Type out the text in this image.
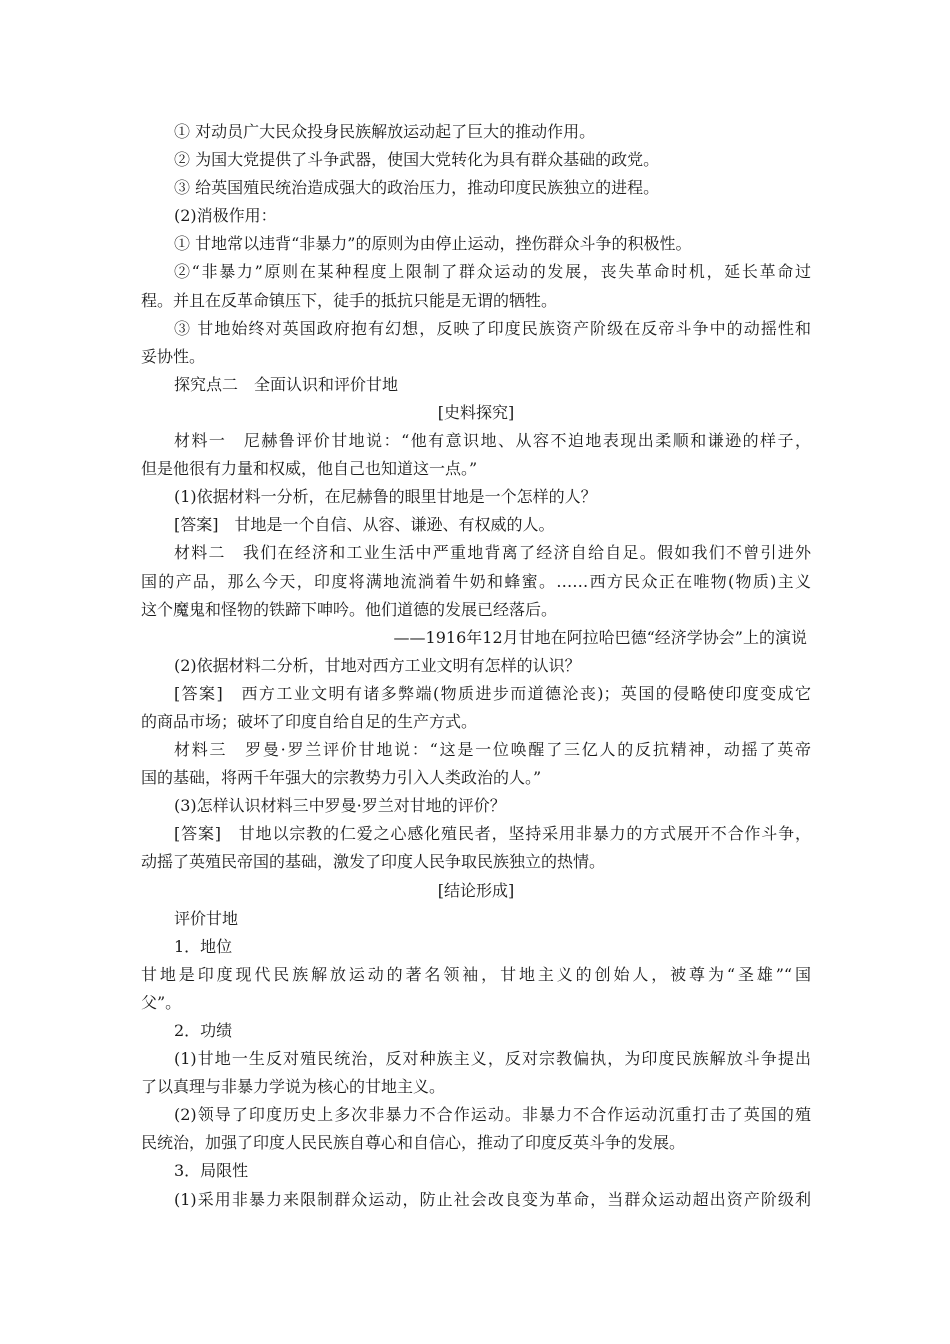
① 对动员广大民众投身民族解放运动起了巨大的推动作用。
② 为国大党提供了斗争武器，使国大党转化为具有群众基础的政党。
③ 给英国殖民统治造成强大的政治压力，推动印度民族独立的进程。
(2)消极作用：
① 甘地常以违背“非暴力”的原则为由停止运动，挫伤群众斗争的积极性。
②“非暴力”原则在某种程度上限制了群众运动的发展，丧失革命时机，延长革命过
程。并且在反革命镇压下，徒手的抵抗只能是无谓的牺牲。
③ 甘地始终对英国政府抱有幻想，反映了印度民族资产阶级在反帝斗争中的动摇性和
妥协性。
探究点二　全面认识和评价甘地
[史料探究]
材料一　尼赫鲁评价甘地说：“他有意识地、从容不迫地表现出柔顺和谦逊的样子，
但是他很有力量和权威，他自己也知道这一点。”
(1)依据材料一分析，在尼赫鲁的眼里甘地是一个怎样的人？
[答案]　甘地是一个自信、从容、谦逊、有权威的人。
材料二　我们在经济和工业生活中严重地背离了经济自给自足。假如我们不曾引进外
国的产品，那么今天，印度将满地流淌着牛奶和蜂蜜。……西方民众正在唯物(物质)主义
这个魔鬼和怪物的铁蹄下呻吟。他们道德的发展已经落后。
——1916年12月甘地在阿拉哈巴德“经济学协会”上的演说
(2)依据材料二分析，甘地对西方工业文明有怎样的认识？
[答案]　西方工业文明有诸多弊端(物质进步而道德沦丧)；英国的侵略使印度变成它
的商品市场；破坏了印度自给自足的生产方式。
材料三　罗曼·罗兰评价甘地说：“这是一位唤醒了三亿人的反抗精神，动摇了英帝
国的基础，将两千年强大的宗教势力引入人类政治的人。”
(3)怎样认识材料三中罗曼·罗兰对甘地的评价？
[答案]　甘地以宗教的仁爱之心感化殖民者，坚持采用非暴力的方式展开不合作斗争，
动摇了英殖民帝国的基础，激发了印度人民争取民族独立的热情。
[结论形成]
评价甘地
1．地位
甘地是印度现代民族解放运动的著名领袖，甘地主义的创始人，被尊为“圣雄”“国
父”。
2．功绩
(1)甘地一生反对殖民统治，反对种族主义，反对宗教偏执，为印度民族解放斗争提出
了以真理与非暴力学说为核心的甘地主义。
(2)领导了印度历史上多次非暴力不合作运动。非暴力不合作运动沉重打击了英国的殖
民统治，加强了印度人民民族自尊心和自信心，推动了印度反英斗争的发展。
3．局限性
(1)采用非暴力来限制群众运动，防止社会改良变为革命，当群众运动超出资产阶级利
